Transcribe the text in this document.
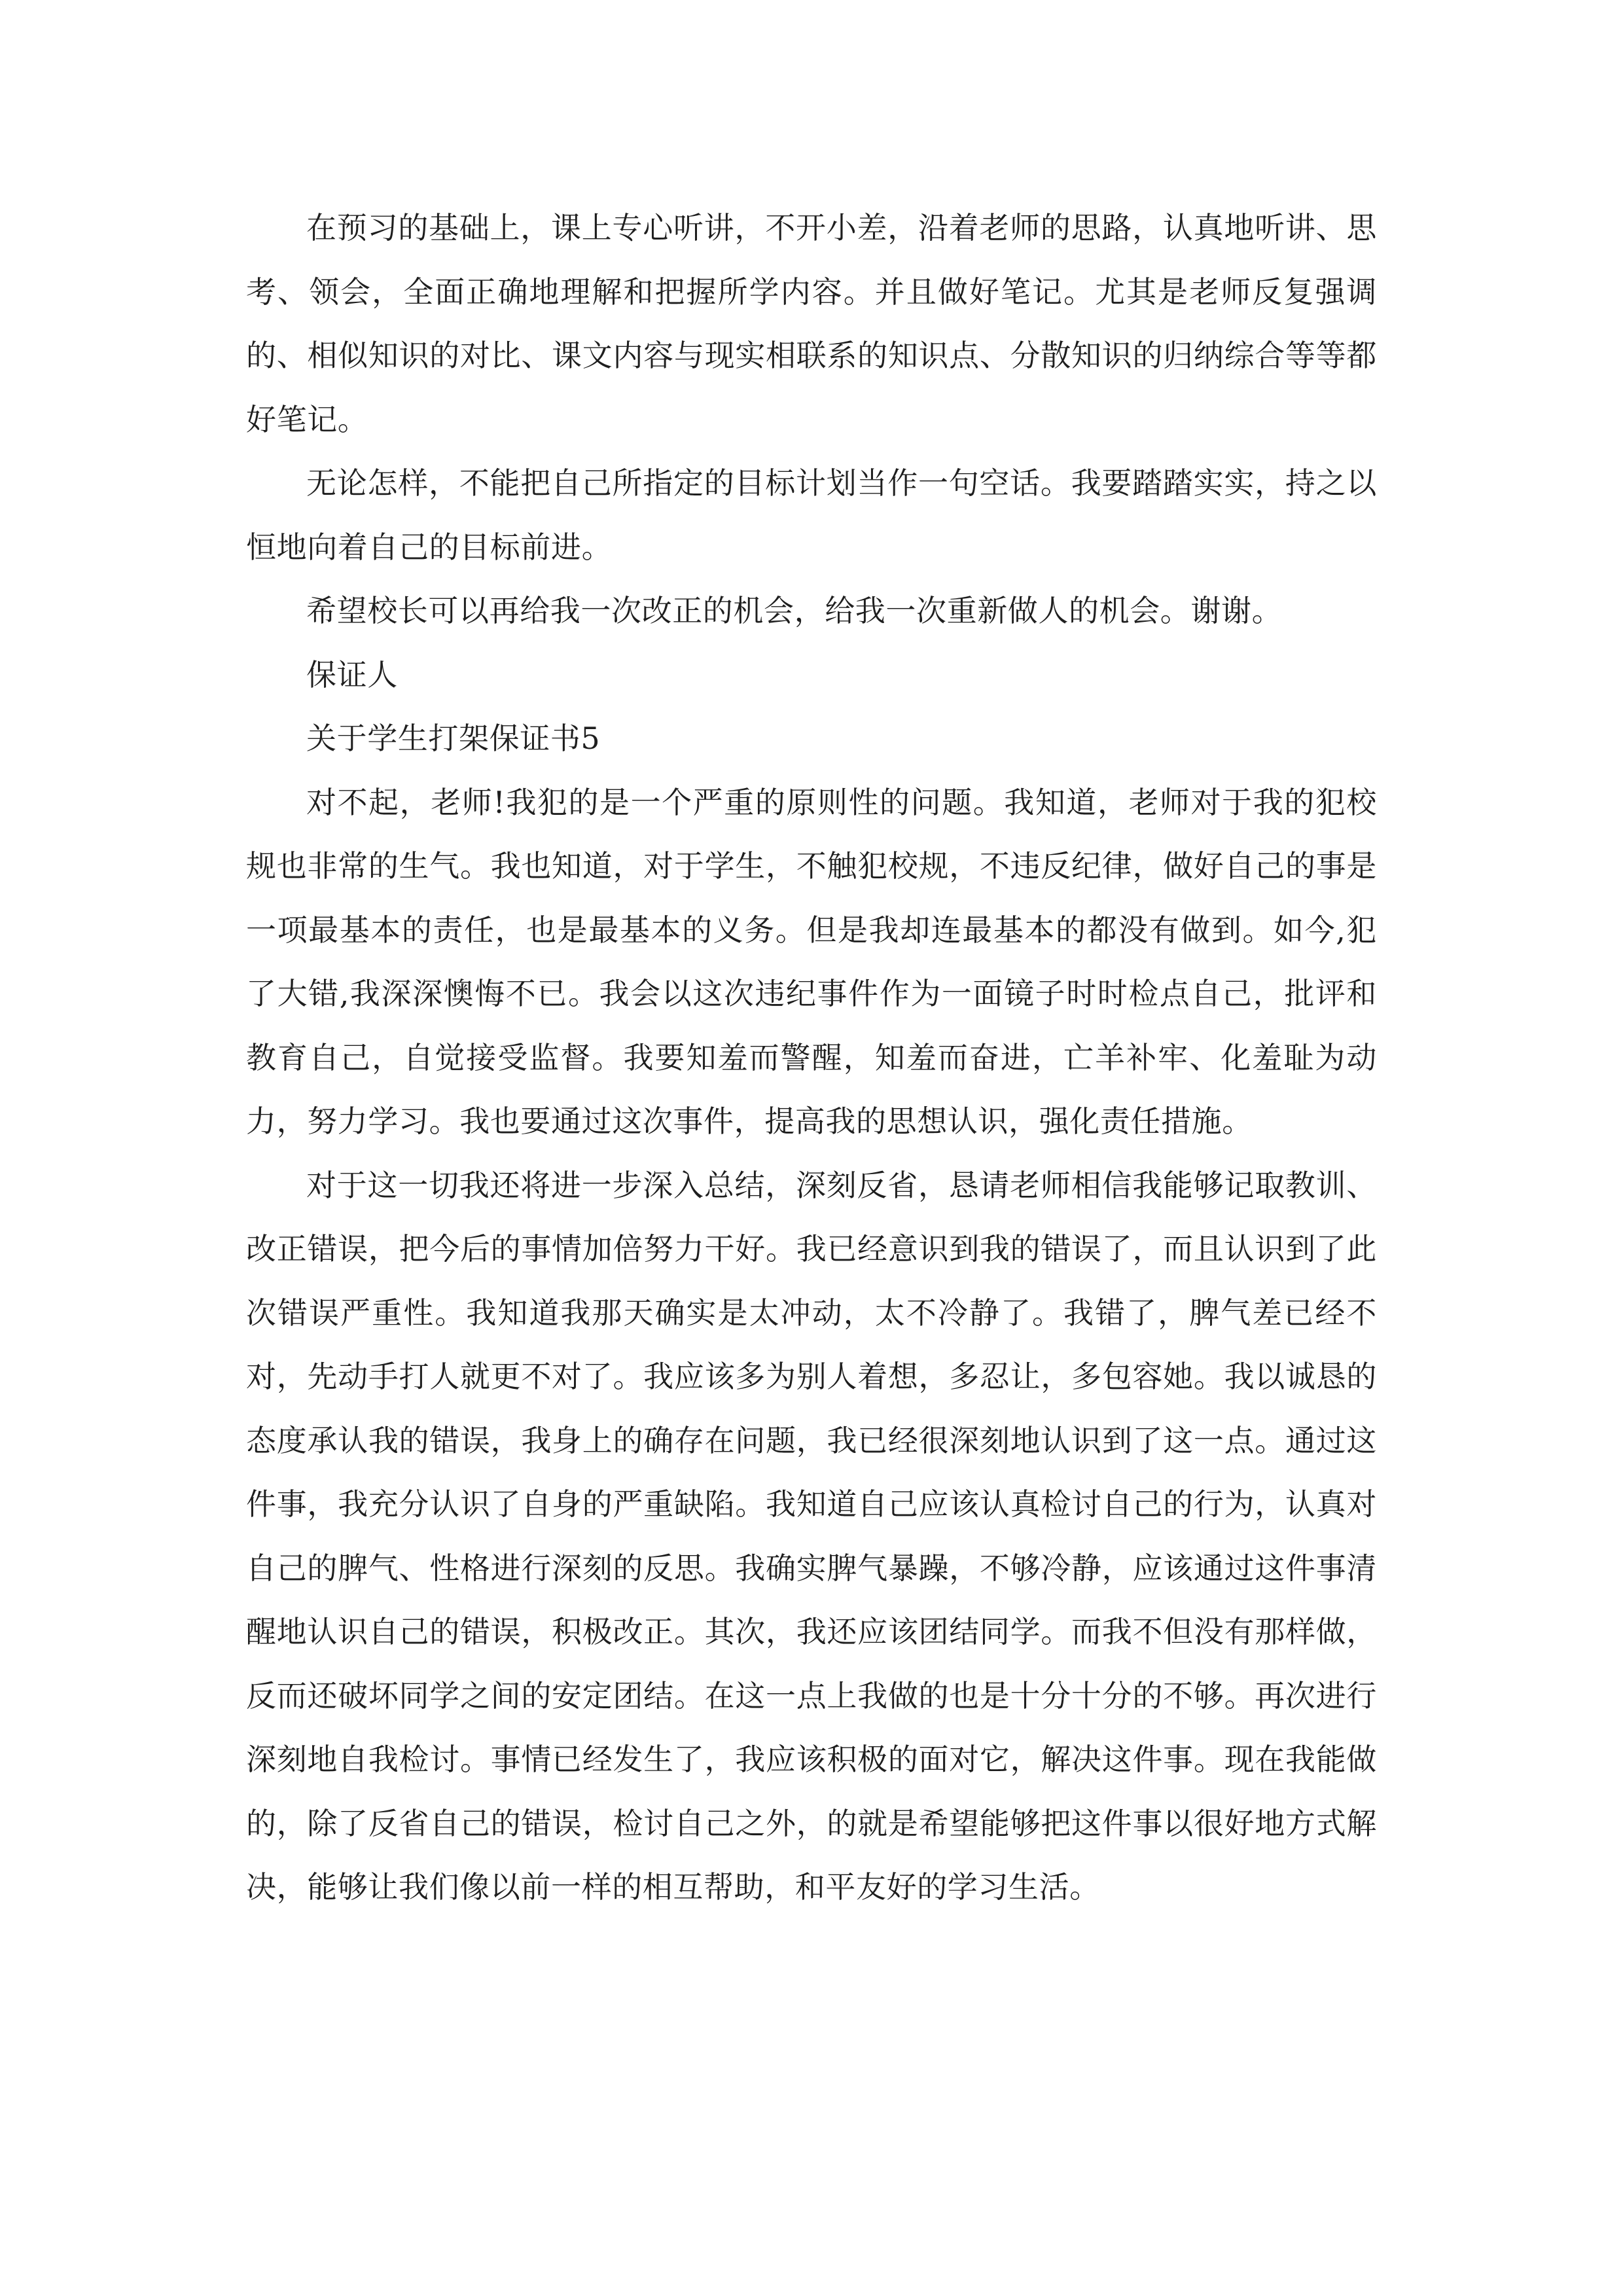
在预习的基础上，课上专心听讲，不开小差，沿着老师的思路，认真地听讲、思考、领会，全面正确地理解和把握所学内容。并且做好笔记。尤其是老师反复强调的、相似知识的对比、课文内容与现实相联系的知识点、分散知识的归纳综合等等都好笔记。

无论怎样，不能把自己所指定的目标计划当作一句空话。我要踏踏实实，持之以恒地向着自己的目标前进。

希望校长可以再给我一次改正的机会，给我一次重新做人的机会。谢谢。

保证人

关于学生打架保证书5

对不起，老师!我犯的是一个严重的原则性的问题。我知道，老师对于我的犯校规也非常的生气。我也知道，对于学生，不触犯校规，不违反纪律，做好自己的事是一项最基本的责任，也是最基本的义务。但是我却连最基本的都没有做到。如今,犯了大错,我深深懊悔不已。我会以这次违纪事件作为一面镜子时时检点自己，批评和教育自己，自觉接受监督。我要知羞而警醒，知羞而奋进，亡羊补牢、化羞耻为动力，努力学习。我也要通过这次事件，提高我的思想认识，强化责任措施。

对于这一切我还将进一步深入总结，深刻反省，恳请老师相信我能够记取教训、改正错误，把今后的事情加倍努力干好。我已经意识到我的错误了，而且认识到了此次错误严重性。我知道我那天确实是太冲动，太不冷静了。我错了，脾气差已经不对，先动手打人就更不对了。我应该多为别人着想，多忍让，多包容她。我以诚恳的态度承认我的错误，我身上的确存在问题，我已经很深刻地认识到了这一点。通过这件事，我充分认识了自身的严重缺陷。我知道自己应该认真检讨自己的行为，认真对自己的脾气、性格进行深刻的反思。我确实脾气暴躁，不够冷静，应该通过这件事清醒地认识自己的错误，积极改正。其次，我还应该团结同学。而我不但没有那样做，反而还破坏同学之间的安定团结。在这一点上我做的也是十分十分的不够。再次进行深刻地自我检讨。事情已经发生了，我应该积极的面对它，解决这件事。现在我能做的，除了反省自己的错误，检讨自己之外，的就是希望能够把这件事以很好地方式解决，能够让我们像以前一样的相互帮助，和平友好的学习生活。
